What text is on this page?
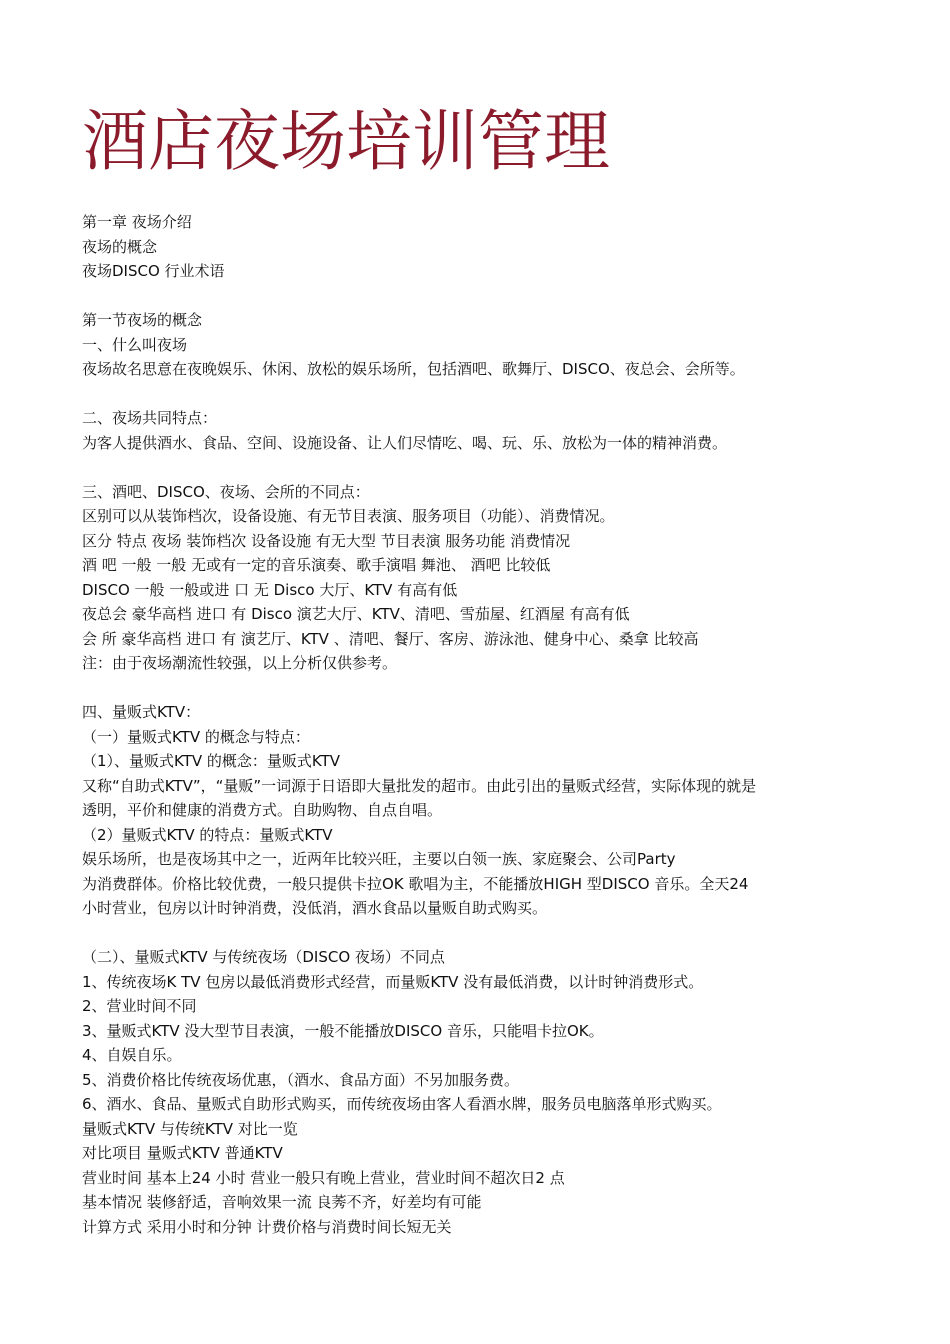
酒店夜场培训管理
第一章 夜场介绍
夜场的概念
夜场DISCO 行业术语
第一节夜场的概念
一、什么叫夜场
夜场故名思意在夜晚娱乐、休闲、放松的娱乐场所，包括酒吧、歌舞厅、DISCO、夜总会、会所等。
二、夜场共同特点：
为客人提供酒水、食品、空间、设施设备、让人们尽情吃、喝、玩、乐、放松为一体的精神消费。
三、酒吧、DISCO、夜场、会所的不同点：
区别可以从装饰档次，设备设施、有无节目表演、服务项目（功能）、消费情况。
区分 特点 夜场 装饰档次 设备设施 有无大型 节目表演 服务功能 消费情况
酒 吧 一般 一般 无或有一定的音乐演奏、歌手演唱 舞池、 酒吧 比较低
DISCO 一般 一般或进 口 无 Disco 大厅、KTV 有高有低
夜总会 豪华高档 进口 有 Disco 演艺大厅、KTV、清吧、雪茄屋、红酒屋 有高有低
会 所 豪华高档 进口 有 演艺厅、KTV 、清吧、餐厅、客房、游泳池、健身中心、桑拿 比较高
注：由于夜场潮流性较强，以上分析仅供参考。
四、量贩式KTV：
（一）量贩式KTV 的概念与特点：
（1）、量贩式KTV 的概念：量贩式KTV
又称“自助式KTV”，“量贩”一词源于日语即大量批发的超市。由此引出的量贩式经营，实际体现的就是
透明，平价和健康的消费方式。自助购物、自点自唱。
（2）量贩式KTV 的特点：量贩式KTV
娱乐场所，也是夜场其中之一，近两年比较兴旺，主要以白领一族、家庭聚会、公司Party
为消费群体。价格比较优费，一般只提供卡拉OK 歌唱为主，不能播放HIGH 型DISCO 音乐。全天24
小时营业，包房以计时钟消费，没低消，酒水食品以量贩自助式购买。
（二）、量贩式KTV 与传统夜场（DISCO 夜场）不同点
1、传统夜场K TV 包房以最低消费形式经营，而量贩KTV 没有最低消费，以计时钟消费形式。
2、营业时间不同
3、量贩式KTV 没大型节目表演，一般不能播放DISCO 音乐，只能唱卡拉OK。
4、自娱自乐。
5、消费价格比传统夜场优惠，（酒水、食品方面）不另加服务费。
6、酒水、食品、量贩式自助形式购买，而传统夜场由客人看酒水牌，服务员电脑落单形式购买。
量贩式KTV 与传统KTV 对比一览
对比项目 量贩式KTV 普通KTV
营业时间 基本上24 小时 营业一般只有晚上营业，营业时间不超次日2 点
基本情况 装修舒适，音响效果一流 良莠不齐，好差均有可能
计算方式 采用小时和分钟 计费价格与消费时间长短无关
